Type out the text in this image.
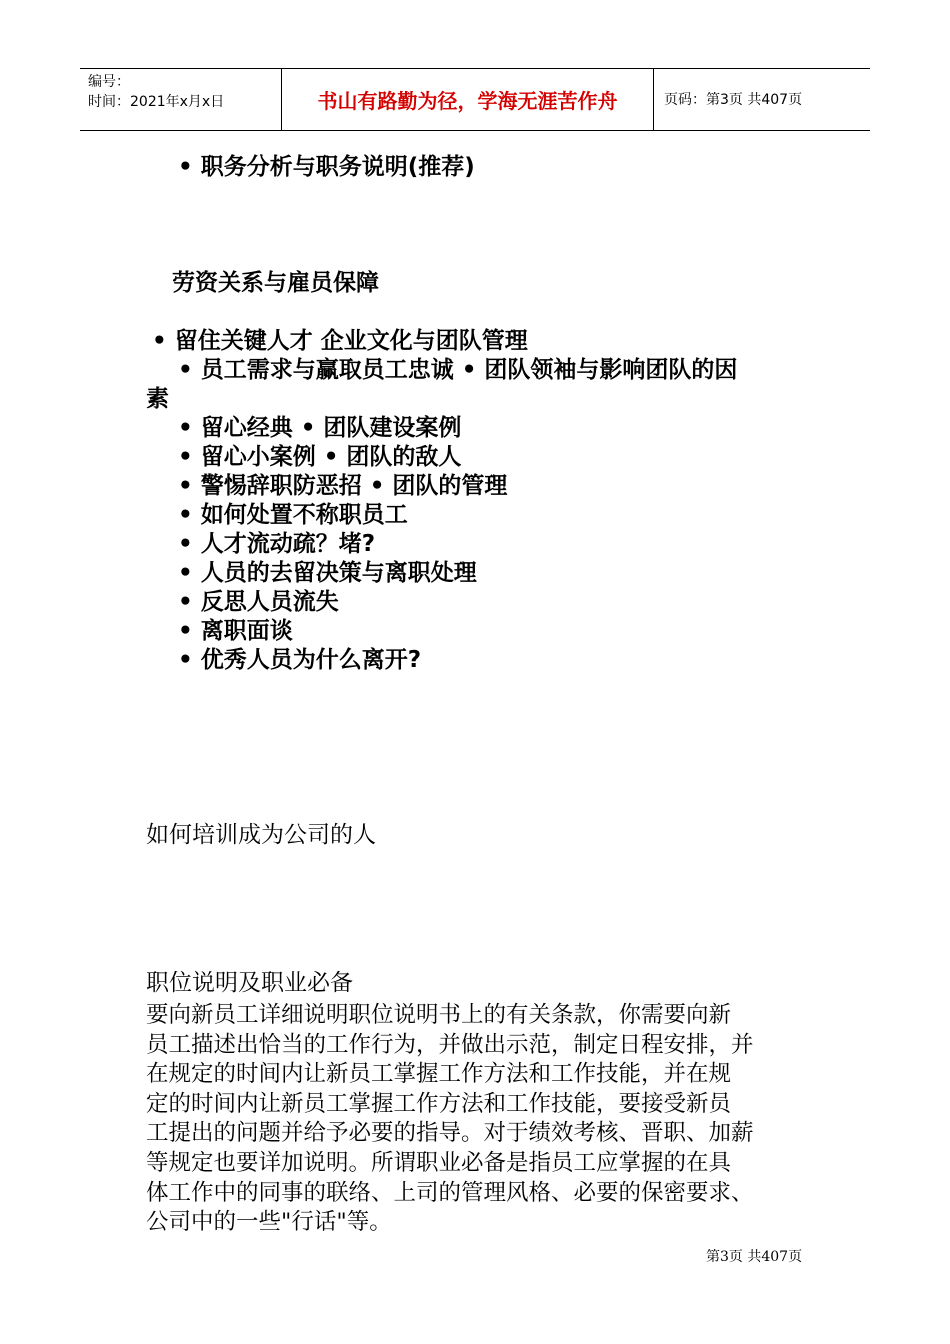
编号：
时间：2021年x月x日	书山有路勤为径，学海无涯苦作舟	页码：第3页 共407页
• 职务分析与职务说明(推荐)
劳资关系与雇员保障
• 留住关键人才 企业文化与团队管理
• 员工需求与赢取员工忠诚 • 团队领袖与影响团队的因
素
• 留心经典 • 团队建设案例
• 留心小案例 • 团队的敌人
• 警惕辞职防恶招 • 团队的管理
• 如何处置不称职员工
• 人才流动疏？堵?
• 人员的去留决策与离职处理
• 反思人员流失
• 离职面谈
• 优秀人员为什么离开?
如何培训成为公司的人
职位说明及职业必备
要向新员工详细说明职位说明书上的有关条款，你需要向新
员工描述出恰当的工作行为，并做出示范，制定日程安排，并
在规定的时间内让新员工掌握工作方法和工作技能，并在规
定的时间内让新员工掌握工作方法和工作技能，要接受新员
工提出的问题并给予必要的指导。对于绩效考核、晋职、加薪
等规定也要详加说明。所谓职业必备是指员工应掌握的在具
体工作中的同事的联络、上司的管理风格、必要的保密要求、
公司中的一些"行话"等。
第3页 共407页
